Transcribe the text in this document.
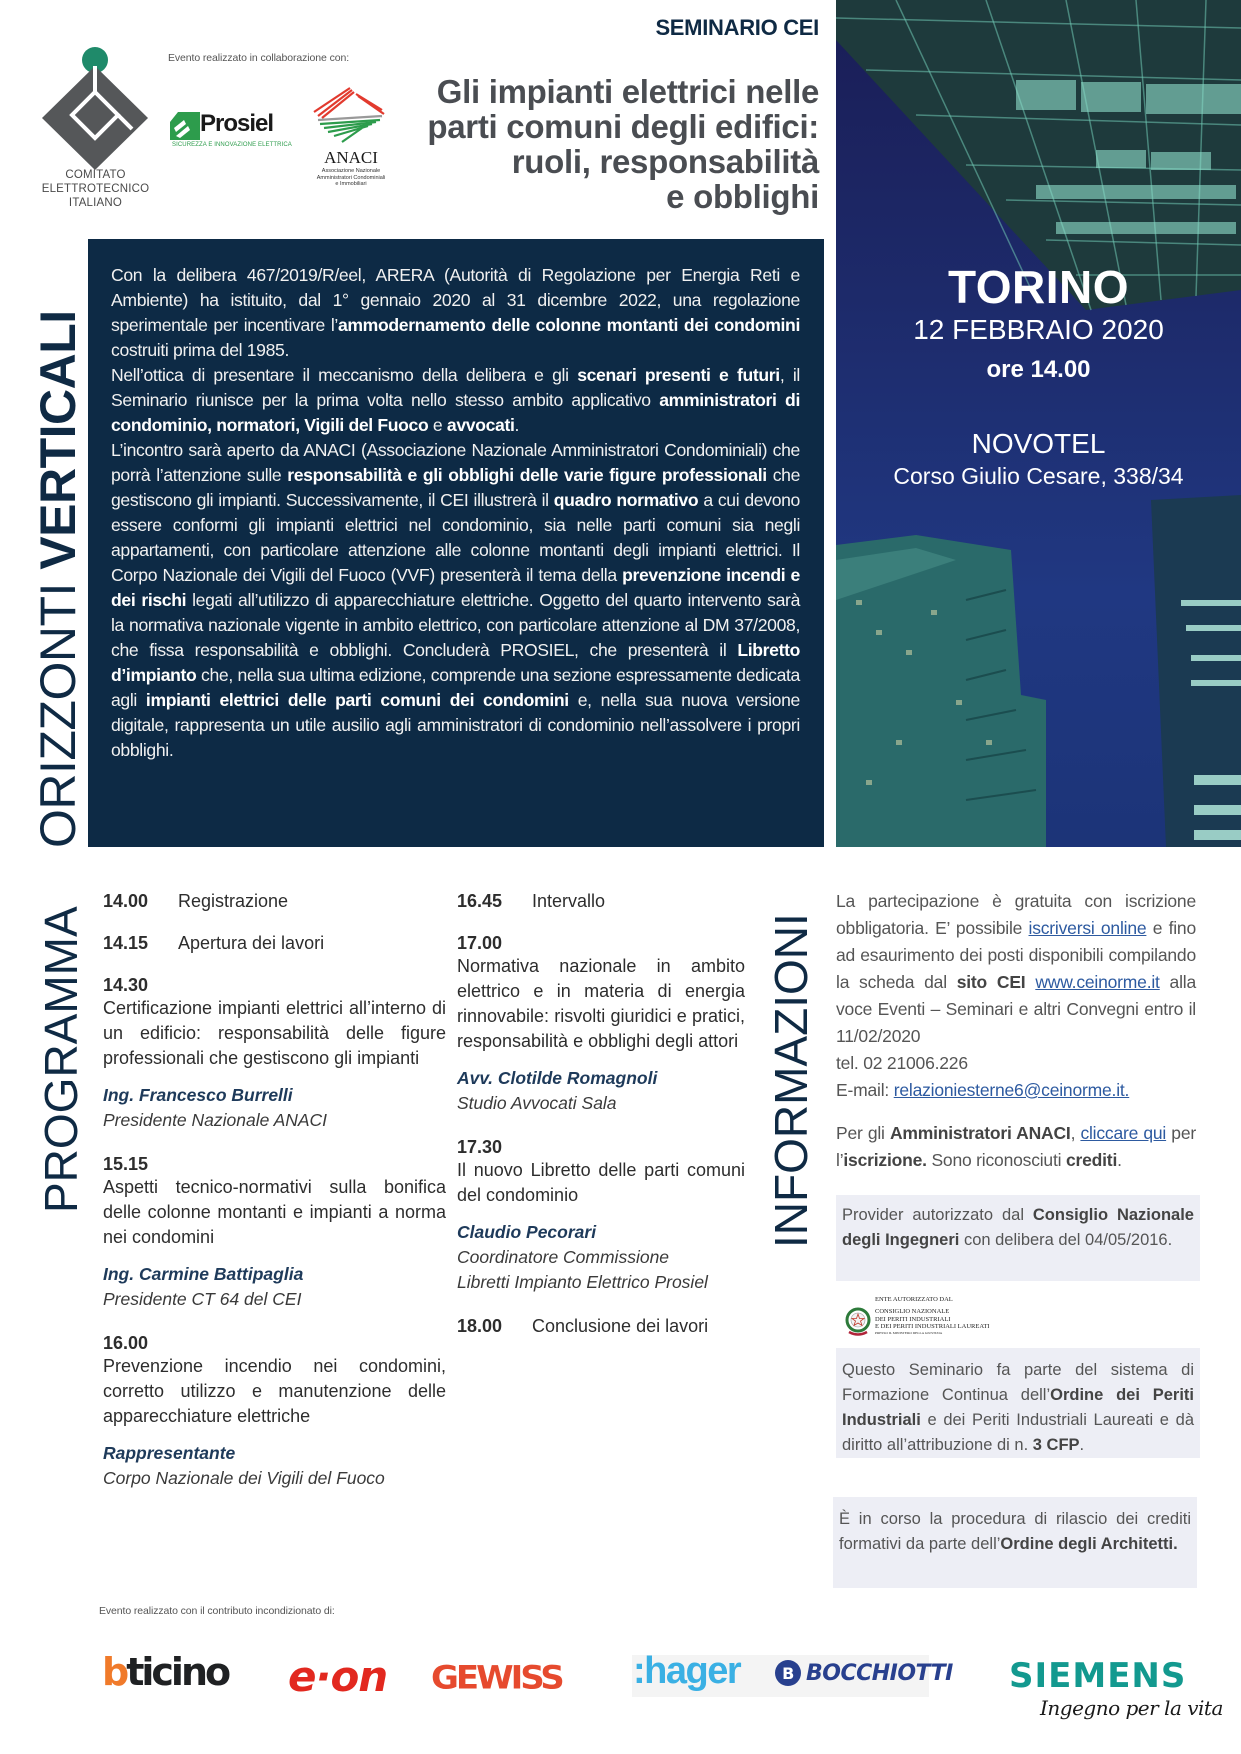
COMITATO
ELETTROTECNICO
ITALIANO
Evento realizzato in collaborazione con:
Prosiel
SICUREZZA E INNOVAZIONE ELETTRICA
ANACI
Associazione Nazionale
Amministratori Condominiali
e Immobiliari
SEMINARIO CEI
Gli impianti elettrici nelle
parti comuni degli edifici:
ruoli, responsabilità
e obblighi
TORINO
12 FEBBRAIO 2020
ore 14.00
NOVOTEL
Corso Giulio Cesare, 338/34
ORIZZONTI VERTICALI
PROGRAMMA	INFORMAZIONI
Con la delibera 467/2019/R/eel, ARERA (Autorità di Regolazione per Energia Reti e Ambiente) ha istituito, dal 1° gennaio 2020 al 31 dicembre 2022, una regolazione sperimentale per incentivare l’ammodernamento delle colonne montanti dei condomini costruiti prima del 1985.
Nell’ottica di presentare il meccanismo della delibera e gli scenari presenti e futuri, il Seminario riunisce per la prima volta nello stesso ambito applicativo amministratori di condominio, normatori, Vigili del Fuoco e avvocati.
L’incontro sarà aperto da ANACI (Associazione Nazionale Amministratori Condominiali) che porrà l’attenzione sulle responsabilità e gli obblighi delle varie figure professionali che gestiscono gli impianti. Successivamente, il CEI illustrerà il quadro normativo a cui devono essere conformi gli impianti elettrici nel condominio, sia nelle parti comuni sia negli appartamenti, con particolare attenzione alle colonne montanti degli impianti elettrici. Il Corpo Nazionale dei Vigili del Fuoco (VVF) presenterà il tema della prevenzione incendi e dei rischi legati all’utilizzo di apparecchiature elettriche. Oggetto del quarto intervento sarà la normativa nazionale vigente in ambito elettrico, con particolare attenzione al DM 37/2008, che fissa responsabilità e obblighi. Concluderà PROSIEL, che presenterà il Libretto d’impianto che, nella sua ultima edizione, comprende una sezione espressamente dedicata agli impianti elettrici delle parti comuni dei condomini e, nella sua nuova versione digitale, rappresenta un utile ausilio agli amministratori di condominio nell’assolvere i propri obblighi.
14.00	Registrazione
14.15	Apertura dei lavori
14.30
Certificazione impianti elettrici all’interno di un edificio: responsabilità delle figure professionali che gestiscono gli impianti
Ing. Francesco Burrelli
Presidente Nazionale ANACI
15.15
Aspetti tecnico-normativi sulla bonifica delle colonne montanti e impianti a norma nei condomini
Ing. Carmine Battipaglia
Presidente CT 64 del CEI
16.00
Prevenzione incendio nei condomini, corretto utilizzo e manutenzione delle apparecchiature elettriche
Rappresentante
Corpo Nazionale dei Vigili del Fuoco
16.45	Intervallo
17.00
Normativa nazionale in ambito elettrico e in materia di energia rinnovabile: risvolti giuridici e pratici, responsabilità e obblighi degli attori
Avv. Clotilde Romagnoli
Studio Avvocati Sala
17.30
Il nuovo Libretto delle parti comuni del condominio
Claudio Pecorari
Coordinatore Commissione
Libretti Impianto Elettrico Prosiel
18.00	Conclusione dei lavori

La partecipazione è gratuita con iscrizione obbligatoria. E’ possibile iscriversi online e fino ad esaurimento dei posti disponibili compilando la scheda dal sito CEI www.ceinorme.it alla voce Eventi – Seminari e altri Convegni entro il 11/02/2020
tel. 02 21006.226
E-mail: relazioniesterne6@ceinorme.it.

Per gli Amministratori ANACI, cliccare qui per l’iscrizione. Sono riconosciuti crediti.

Provider autorizzato dal Consiglio Nazionale degli Ingegneri con delibera del 04/05/2016.
ENTE AUTORIZZATO DAL
CONSIGLIO NAZIONALE
DEI PERITI INDUSTRIALI
E DEI PERITI INDUSTRIALI LAUREATI
PRESSO IL MINISTERO DELLA GIUSTIZIA
Questo Seminario fa parte del sistema di Formazione Continua dell’Ordine dei Periti Industriali e dei Periti Industriali Laureati e dà diritto all’attribuzione di n. 3 CFP.
È in corso la procedura di rilascio dei crediti formativi da parte dell’Ordine degli Architetti.
Evento realizzato con il contributo incondizionato di:
bticino e·on GEWISS :hager	B BOCCHIOTTI SIEMENS
Ingegno per la vita
